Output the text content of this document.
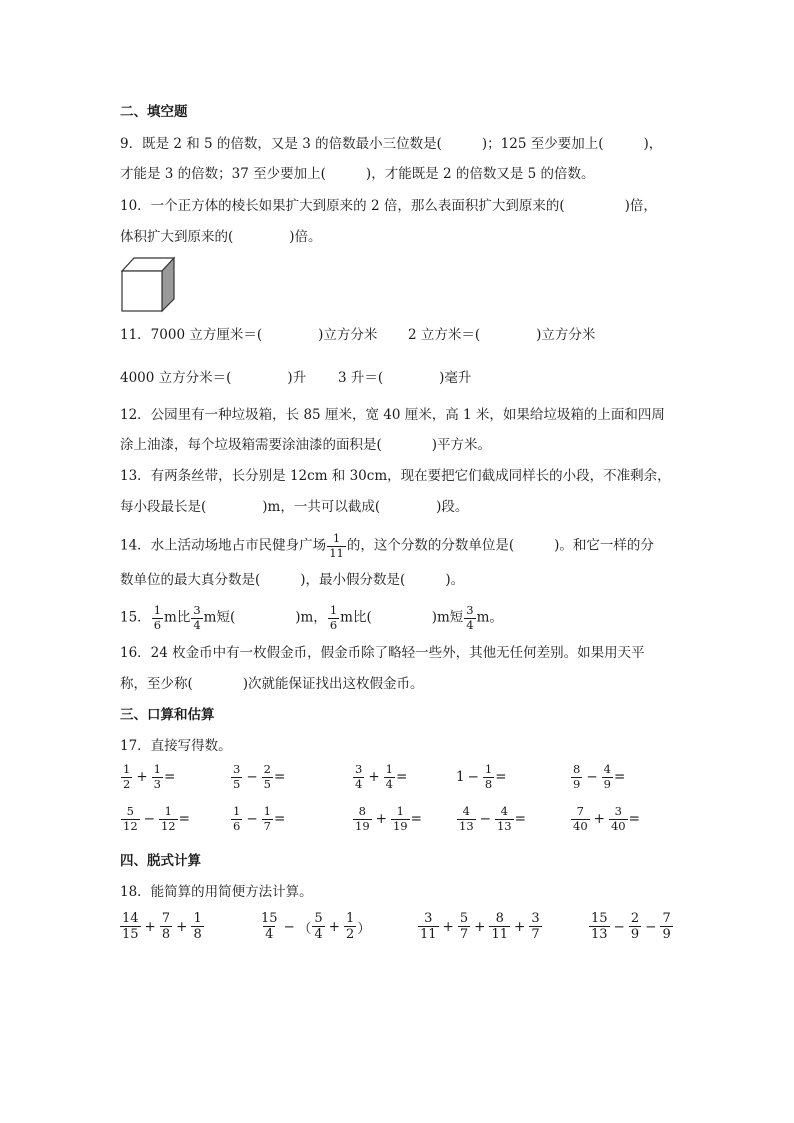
二、填空题
9．既是 2 和 5 的倍数，又是 3 的倍数最小三位数是(	)；125 至少要加上(	)，
才能是 3 的倍数；37 至少要加上(	)，才能既是 2 的倍数又是 5 的倍数。
10．一个正方体的棱长如果扩大到原来的 2 倍，那么表面积扩大到原来的(	)倍，
体积扩大到原来的(	)倍。
11．7000 立方厘米＝(	)立方分米 2 立方米＝(	)立方分米
4000 立方分米＝(	)升 3 升＝(	)毫升
12．公园里有一种垃圾箱，长 85 厘米，宽 40 厘米，高 1 米，如果给垃圾箱的上面和四周
涂上油漆，每个垃圾箱需要涂油漆的面积是(	)平方米。
13．有两条丝带，长分别是 12cm 和 30cm，现在要把它们截成同样长的小段，不准剩余，
每小段最长是(	)m，一共可以截成(	)段。
14．水上活动场地占市民健身广场 $\frac{1}{11}$ 的，这个分数的分数单位是(	)。和它一样的分
数单位的最大真分数是(	)，最小假分数是(	)。
15． $\frac{1}{6}$ m比 $\frac{3}{4}$ m短(	)m， $\frac{1}{6}$ m比(	)m短 $\frac{3}{4}$ m。
16．24 枚金币中有一枚假金币，假金币除了略轻一些外，其他无任何差别。如果用天平
称，至少称(	)次就能保证找出这枚假金币。
三、口算和估算
17．直接写得数。
$\frac{1}{2} + \frac{1}{3}$ =	$\frac{3}{5} - \frac{2}{5}$ =	$\frac{3}{4} + \frac{1}{4}$ =	$1 - \frac{1}{8}$ =	$\frac{8}{9} - \frac{4}{9}$ =
$\frac{5}{12} - \frac{1}{12}$ =	$\frac{1}{6} - \frac{1}{7}$ =	$\frac{8}{19} + \frac{1}{19}$ =	$\frac{4}{13} - \frac{4}{13}$ =	$\frac{7}{40} + \frac{3}{40}$ =
四、脱式计算
18．能简算的用简便方法计算。
$\frac{14}{15} + \frac{7}{8} + \frac{1}{8}$	$\frac{15}{4}$ − （ $\frac{5}{4} + \frac{1}{2}$ ）	$\frac{3}{11} + \frac{5}{7} + \frac{8}{11} + \frac{3}{7}$	$\frac{15}{13} - \frac{2}{9} - \frac{7}{9}$
